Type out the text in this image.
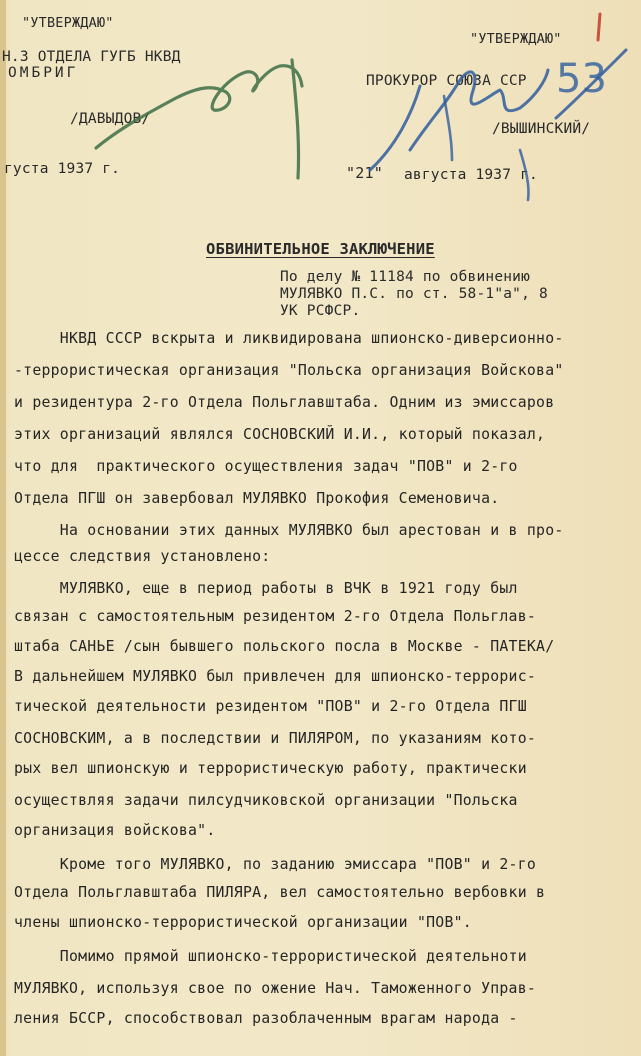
"УТВЕРЖДАЮ"
Н.3 ОТДЕЛА ГУГБ НКВД
ОМБРИГ
/ДАВЫДОВ/
густа 1937 г.
"УТВЕРЖДАЮ"
ПРОКУРОР СОЮЗА ССР
/ВЫШИНСКИЙ/
"21" августа 1937 г.
53
ОБВИНИТЕЛЬНОЕ ЗАКЛЮЧЕНИЕ
По делу № 11184 по обвинению
МУЛЯВКО П.С. по ст. 58-1"а", 8
УК РСФСР.
НКВД СССР вскрыта и ликвидирована шпионско-диверсионно-
-террористическая организация "Польска организация Войскова"
и резидентура 2-го Отдела Польглавштаба. Одним из эмиссаров
этих организаций являлся СОСНОВСКИЙ И.И., который показал,
что для  практического осуществления задач "ПОВ" и 2-го
Отдела ПГШ он завербовал МУЛЯВКО Прокофия Семеновича.
На основании этих данных МУЛЯВКО был арестован и в про-
цессе следствия установлено:
МУЛЯВКО, еще в период работы в ВЧК в 1921 году был
связан с самостоятельным резидентом 2-го Отдела Польглав-
штаба САНЬЕ /сын бывшего польского посла в Москве - ПАТЕКА/
В дальнейшем МУЛЯВКО был привлечен для шпионско-террорис-
тической деятельности резидентом "ПОВ" и 2-го Отдела ПГШ
СОСНОВСКИМ, а в последствии и ПИЛЯРОМ, по указаниям кото-
рых вел шпионскую и террористическую работу, практически
осуществляя задачи пилсудчиковской организации "Польска
организация войскова".
Кроме того МУЛЯВКО, по заданию эмиссара "ПОВ" и 2-го
Отдела Польглавштаба ПИЛЯРА, вел самостоятельно вербовки в
члены шпионско-террористической организации "ПОВ".
Помимо прямой шпионско-террористической деятельноти
МУЛЯВКО, используя свое по ожение Нач. Таможенного Управ-
ления БССР, способствовал разоблаченным врагам народа -
